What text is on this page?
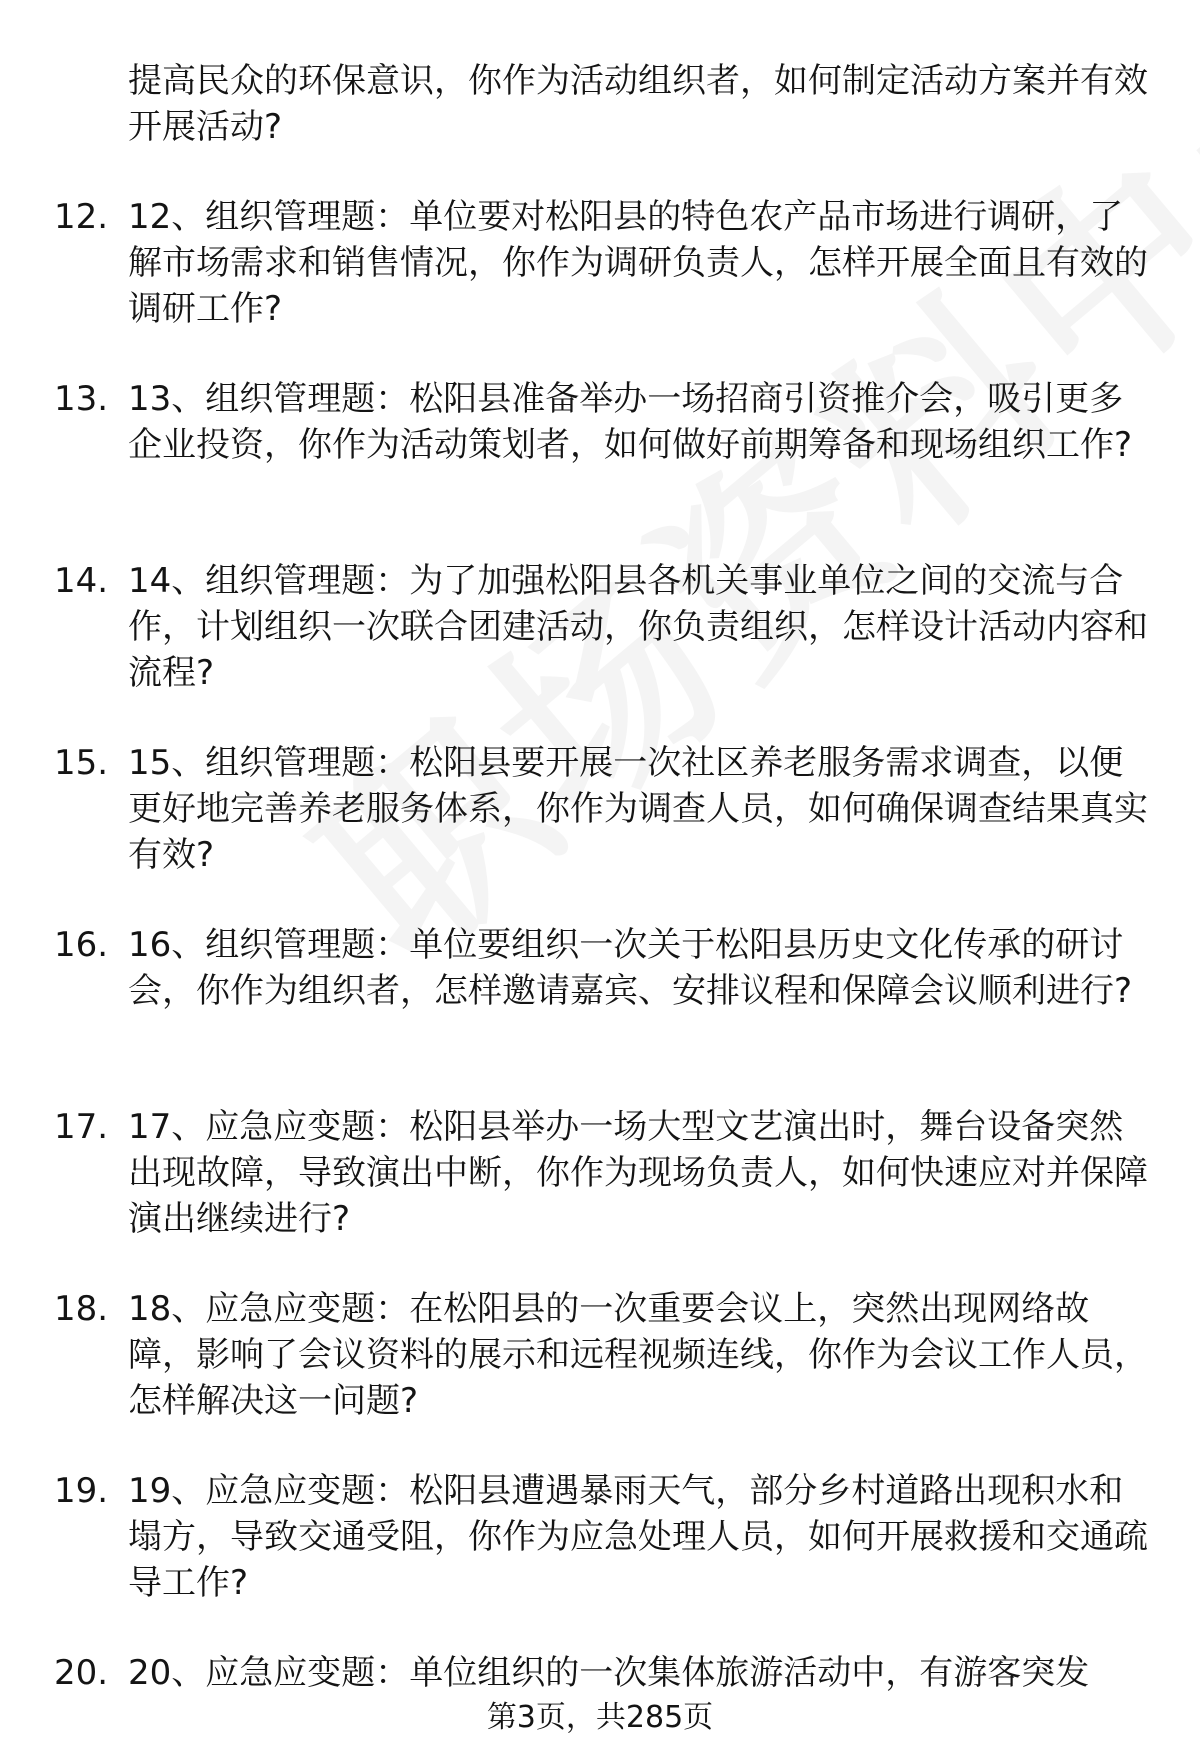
提高民众的环保意识，你作为活动组织者，如何制定活动方案并有效开展活动?
12. 12、组织管理题：单位要对松阳县的特色农产品市场进行调研，了解市场需求和销售情况，你作为调研负责人，怎样开展全面且有效的调研工作?
13. 13、组织管理题：松阳县准备举办一场招商引资推介会，吸引更多企业投资，你作为活动策划者，如何做好前期筹备和现场组织工作?
14. 14、组织管理题：为了加强松阳县各机关事业单位之间的交流与合作，计划组织一次联合团建活动，你负责组织，怎样设计活动内容和流程?
15. 15、组织管理题：松阳县要开展一次社区养老服务需求调查，以便更好地完善养老服务体系，你作为调查人员，如何确保调查结果真实有效?
16. 16、组织管理题：单位要组织一次关于松阳县历史文化传承的研讨会，你作为组织者，怎样邀请嘉宾、安排议程和保障会议顺利进行?
17. 17、应急应变题：松阳县举办一场大型文艺演出时，舞台设备突然出现故障，导致演出中断，你作为现场负责人，如何快速应对并保障演出继续进行?
18. 18、应急应变题：在松阳县的一次重要会议上，突然出现网络故障，影响了会议资料的展示和远程视频连线，你作为会议工作人员，怎样解决这一问题?
19. 19、应急应变题：松阳县遭遇暴雨天气，部分乡村道路出现积水和塌方，导致交通受阻，你作为应急处理人员，如何开展救援和交通疏导工作?
20. 20、应急应变题：单位组织的一次集体旅游活动中，有游客突发
第3页，共285页
